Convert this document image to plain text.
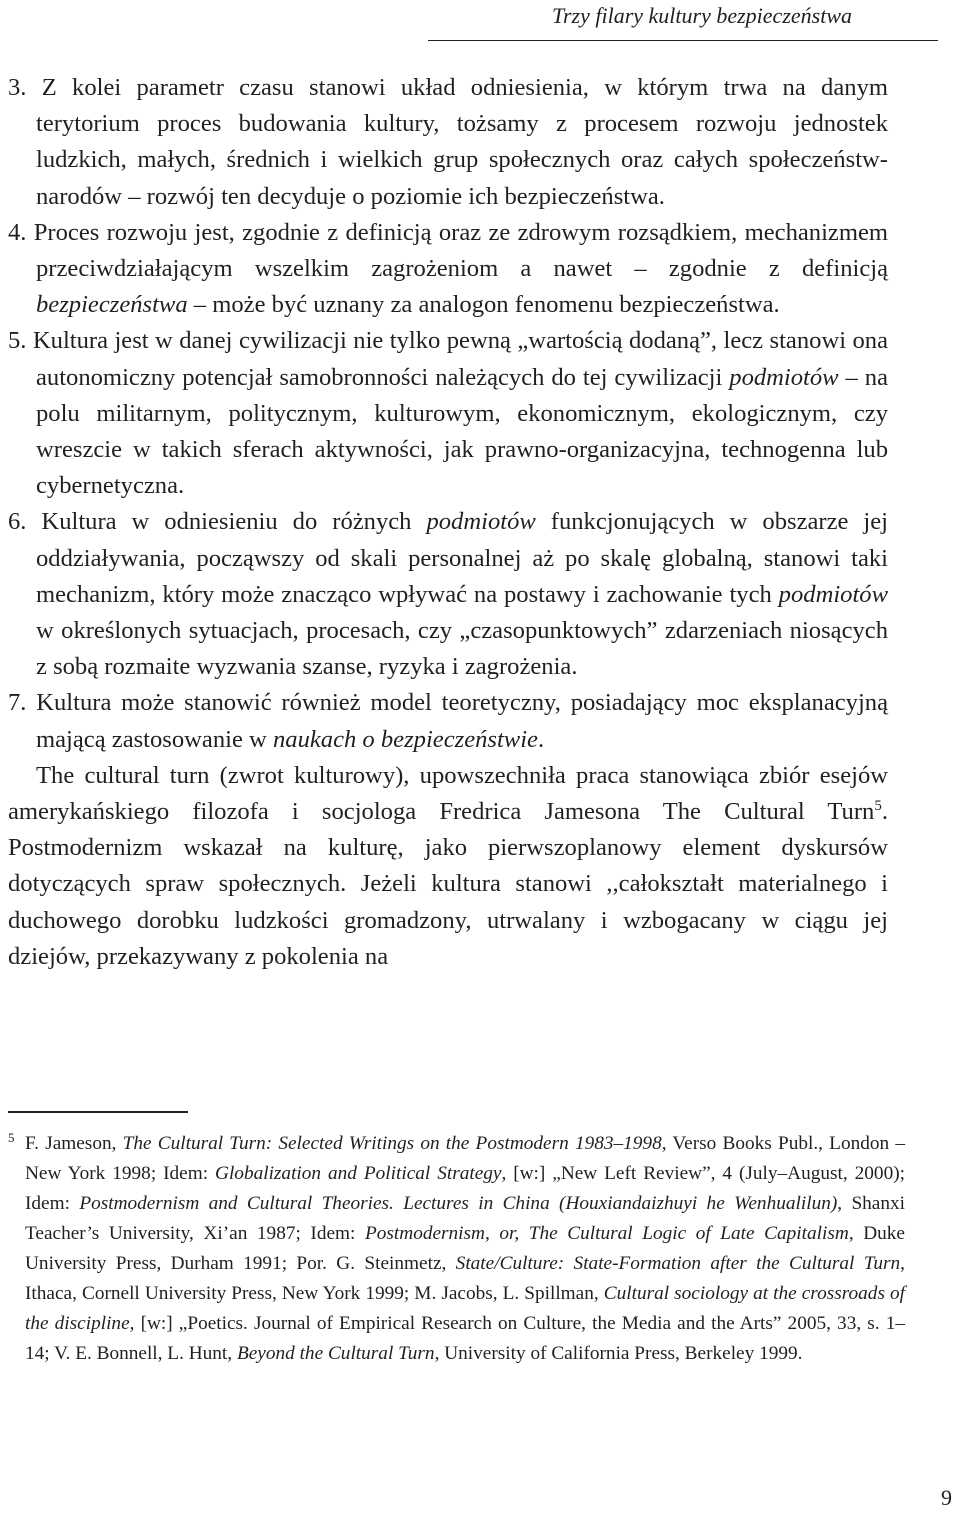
Trzy filary kultury bezpieczeństwa

3. Z kolei parametr czasu stanowi układ odniesienia, w którym trwa na danym terytorium proces budowania kultury, tożsamy z procesem rozwoju jednostek ludzkich, małych, średnich i wielkich grup społecznych oraz całych społeczeństw-narodów – rozwój ten decyduje o poziomie ich bezpieczeństwa.

4. Proces rozwoju jest, zgodnie z definicją oraz ze zdrowym rozsądkiem, mechanizmem przeciwdziałającym wszelkim zagrożeniom a nawet – zgodnie z definicją bezpieczeństwa – może być uznany za analogon fenomenu bezpieczeństwa.

5. Kultura jest w danej cywilizacji nie tylko pewną „wartością dodaną”, lecz stanowi ona autonomiczny potencjał samobronności należących do tej cywilizacji podmiotów – na polu militarnym, politycznym, kulturowym, ekonomicznym, ekologicznym, czy wreszcie w takich sferach aktywności, jak prawno-organizacyjna, technogenna lub cybernetyczna.

6. Kultura w odniesieniu do różnych podmiotów funkcjonujących w obszarze jej oddziaływania, począwszy od skali personalnej aż po skalę globalną, stanowi taki mechanizm, który może znacząco wpływać na postawy i zachowanie tych podmiotów w określonych sytuacjach, procesach, czy „czasopunktowych” zdarzeniach niosących z sobą rozmaite wyzwania szanse, ryzyka i zagrożenia.

7. Kultura może stanowić również model teoretyczny, posiadający moc eksplanacyjną mającą zastosowanie w naukach o bezpieczeństwie.

The cultural turn (zwrot kulturowy), upowszechniła praca stanowiąca zbiór esejów amerykańskiego filozofa i socjologa Fredrica Jamesona The Cultural Turn$^5$. Postmodernizm wskazał na kulturę, jako pierwszoplanowy element dyskursów dotyczących spraw społecznych. Jeżeli kultura stanowi ,,całokształt materialnego i duchowego dorobku ludzkości gromadzony, utrwalany i wzbogacany w ciągu jej dziejów, przekazywany z pokolenia na

5 F. Jameson, The Cultural Turn: Selected Writings on the Postmodern 1983–1998, Verso Books Publ., London – New York 1998; Idem: Globalization and Political Strategy, [w:] „New Left Review”, 4 (July–August, 2000); Idem: Postmodernism and Cultural Theories. Lectures in China (Houxiandaizhuyi he Wenhualilun), Shanxi Teacher’s University, Xi’an 1987; Idem: Postmodernism, or, The Cultural Logic of Late Capitalism, Duke University Press, Durham 1991; Por. G. Steinmetz, State/Culture: State-Formation after the Cultural Turn, Ithaca, Cornell University Press, New York 1999; M. Jacobs, L. Spillman, Cultural sociology at the crossroads of the discipline, [w:] „Poetics. Journal of Empirical Research on Culture, the Media and the Arts” 2005, 33, s. 1–14; V. E. Bonnell, L. Hunt, Beyond the Cultural Turn, University of California Press, Berkeley 1999.

9
